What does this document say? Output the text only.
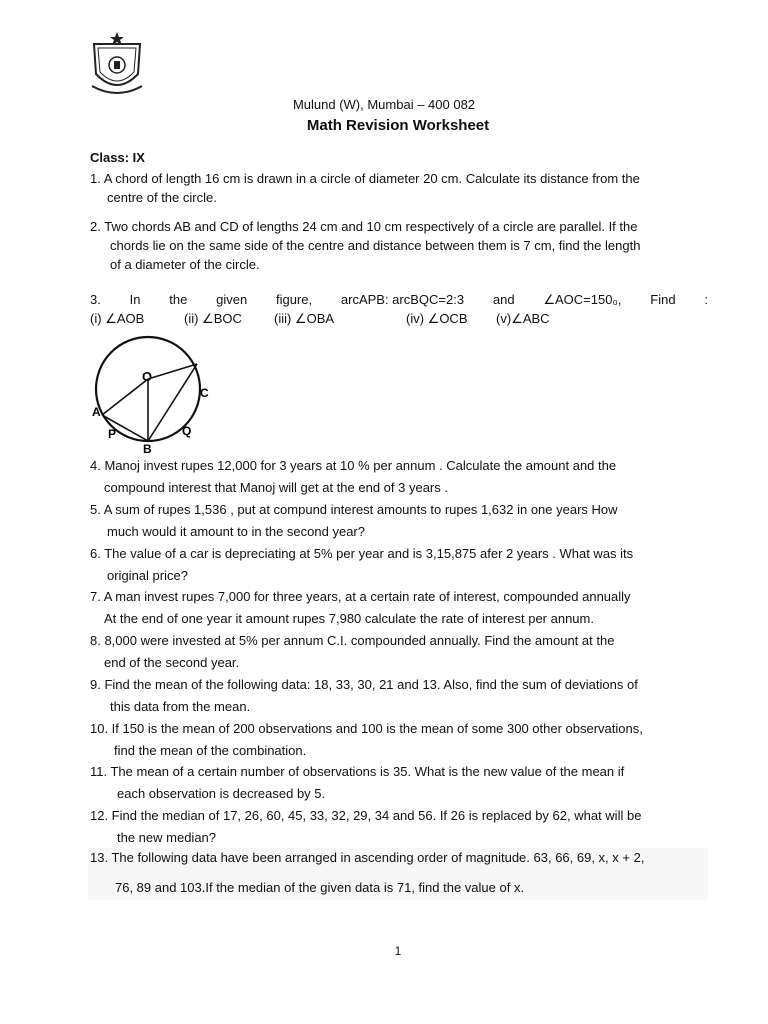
Mulund (W), Mumbai – 400 082
Math Revision Worksheet
Class: IX
1. A chord of length 16 cm is drawn in a circle of diameter 20 cm. Calculate its distance from the
centre of the circle.
2. Two chords AB and CD of lengths 24 cm and 10 cm respectively of a circle are parallel. If the
chords lie on the same side of the centre and distance between them is 7 cm, find the length
of a diameter of the circle.
3. In the given figure, arcAPB: arcBQC=2:3 and ∠AOC=150₀, Find :
(i) ∠AOB	(ii) ∠BOC (iii) ∠OBA	(iv) ∠OCB (v)∠ABC
O
A
C
P
B
Q
4. Manoj invest rupes 12,000 for 3 years at 10 % per annum . Calculate the amount and the
compound interest that Manoj will get at the end of 3 years .
5. A sum of rupes 1,536 , put at compund interest amounts to rupes 1,632 in one years How
much would it amount to in the second year?
6. The value of a car is depreciating at 5% per year and is 3,15,875 afer 2 years . What was its
original price?
7. A man invest rupes 7,000 for three years, at a certain rate of interest, compounded annually
At the end of one year it amount rupes 7,980 calculate the rate of interest per annum.
8. 8,000 were invested at 5% per annum C.I. compounded annually. Find the amount at the
end of the second year.
9. Find the mean of the following data: 18, 33, 30, 21 and 13. Also, find the sum of deviations of
this data from the mean.
10. If 150 is the mean of 200 observations and 100 is the mean of some 300 other observations,
find the mean of the combination.
11. The mean of a certain number of observations is 35. What is the new value of the mean if
each observation is decreased by 5.
12. Find the median of 17, 26, 60, 45, 33, 32, 29, 34 and 56. If 26 is replaced by 62, what will be
the new median?
13. The following data have been arranged in ascending order of magnitude. 63, 66, 69, x, x + 2,
76, 89 and 103.If the median of the given data is 71, find the value of x.
1
